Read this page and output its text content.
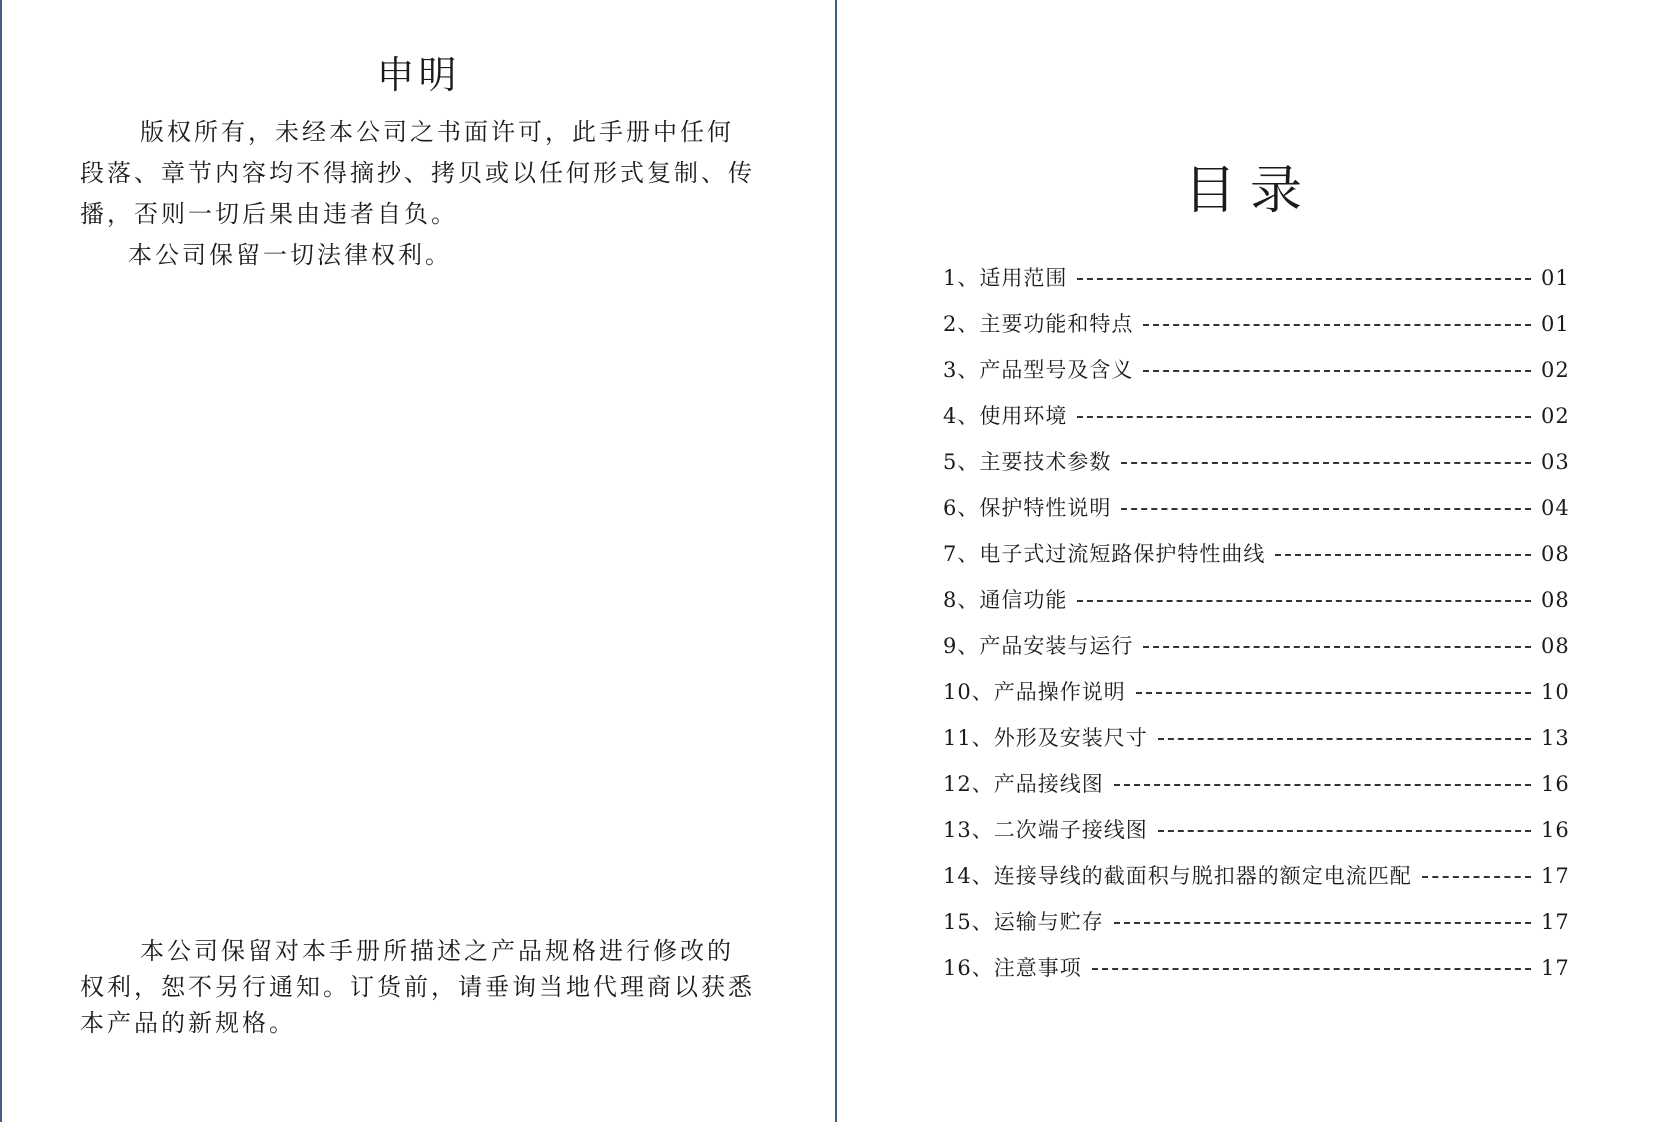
申明

版权所有，未经本公司之书面许可，此手册中任何段落、章节内容均不得摘抄、拷贝或以任何形式复制、传播，否则一切后果由违者自负。

本公司保留一切法律权利。

本公司保留对本手册所描述之产品规格进行修改的权利，恕不另行通知。订货前，请垂询当地代理商以获悉本产品的新规格。

目录
1、适用范围	01
2、主要功能和特点	01
3、产品型号及含义	02
4、使用环境	02
5、主要技术参数	03
6、保护特性说明	04
7、电子式过流短路保护特性曲线	08
8、通信功能	08
9、产品安装与运行	08
10、产品操作说明	10
11、外形及安装尺寸	13
12、产品接线图	16
13、二次端子接线图	16
14、连接导线的截面积与脱扣器的额定电流匹配	17
15、运输与贮存	17
16、注意事项	17
